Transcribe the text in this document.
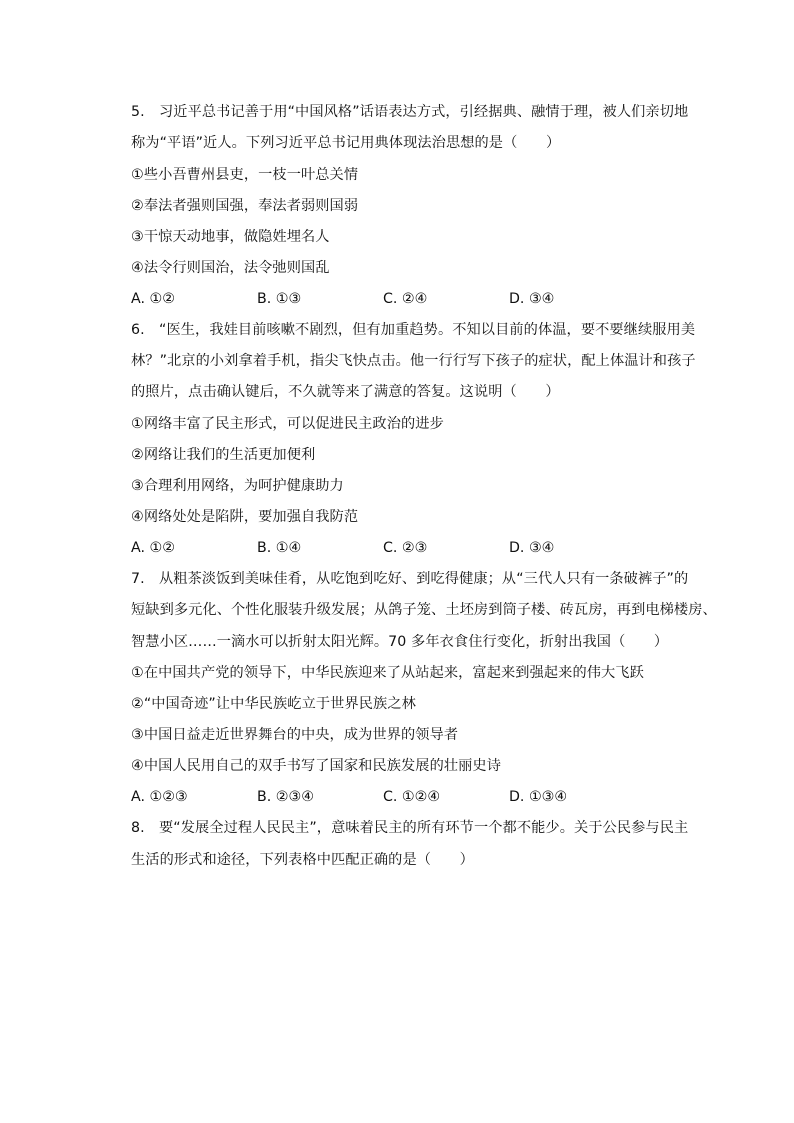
5.　习近平总书记善于用“中国风格”话语表达方式，引经据典、融情于理，被人们亲切地
称为“平语”近人。下列习近平总书记用典体现法治思想的是（　　）
①些小吾曹州县吏，一枝一叶总关情
②奉法者强则国强，奉法者弱则国弱
③干惊天动地事，做隐姓埋名人
④法令行则国治，法令弛则国乱
A. ①②	B. ①③	C. ②④	D. ③④
6.　“医生，我娃目前咳嗽不剧烈，但有加重趋势。不知以目前的体温，要不要继续服用美
林？”北京的小刘拿着手机，指尖飞快点击。他一行行写下孩子的症状，配上体温计和孩子
的照片，点击确认键后，不久就等来了满意的答复。这说明（　　）
①网络丰富了民主形式，可以促进民主政治的进步
②网络让我们的生活更加便利
③合理利用网络，为呵护健康助力
④网络处处是陷阱，要加强自我防范
A. ①②	B. ①④	C. ②③	D. ③④
7.　从粗茶淡饭到美味佳肴，从吃饱到吃好、到吃得健康；从“三代人只有一条破裤子”的
短缺到多元化、个性化服装升级发展；从鸽子笼、土坯房到筒子楼、砖瓦房，再到电梯楼房、
智慧小区……一滴水可以折射太阳光辉。70 多年衣食住行变化，折射出我国（　　）
①在中国共产党的领导下，中华民族迎来了从站起来，富起来到强起来的伟大飞跃
②“中国奇迹”让中华民族屹立于世界民族之林
③中国日益走近世界舞台的中央，成为世界的领导者
④中国人民用自己的双手书写了国家和民族发展的壮丽史诗
A. ①②③	B. ②③④	C. ①②④	D. ①③④
8.　要“发展全过程人民民主”，意味着民主的所有环节一个都不能少。关于公民参与民主
生活的形式和途径，下列表格中匹配正确的是（　　）
